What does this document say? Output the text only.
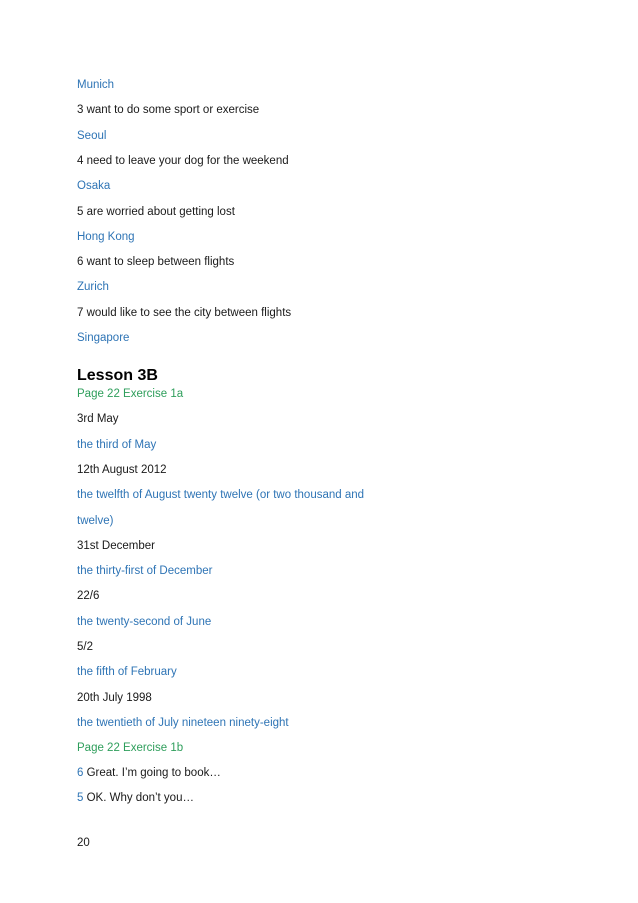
Munich
3 want to do some sport or exercise
Seoul
4 need to leave your dog for the weekend
Osaka
5 are worried about getting lost
Hong Kong
6 want to sleep between flights
Zurich
7 would like to see the city between flights
Singapore
Lesson 3B
Page 22 Exercise 1a
3rd May
the third of May
12th August 2012
the twelfth of August twenty twelve (or two thousand and
twelve)
31st December
the thirty-first of December
22/6
the twenty-second of June
5/2
the fifth of February
20th July 1998
the twentieth of July nineteen ninety-eight
Page 22 Exercise 1b
6 Great. I’m going to book…
5 OK. Why don’t you…
20
